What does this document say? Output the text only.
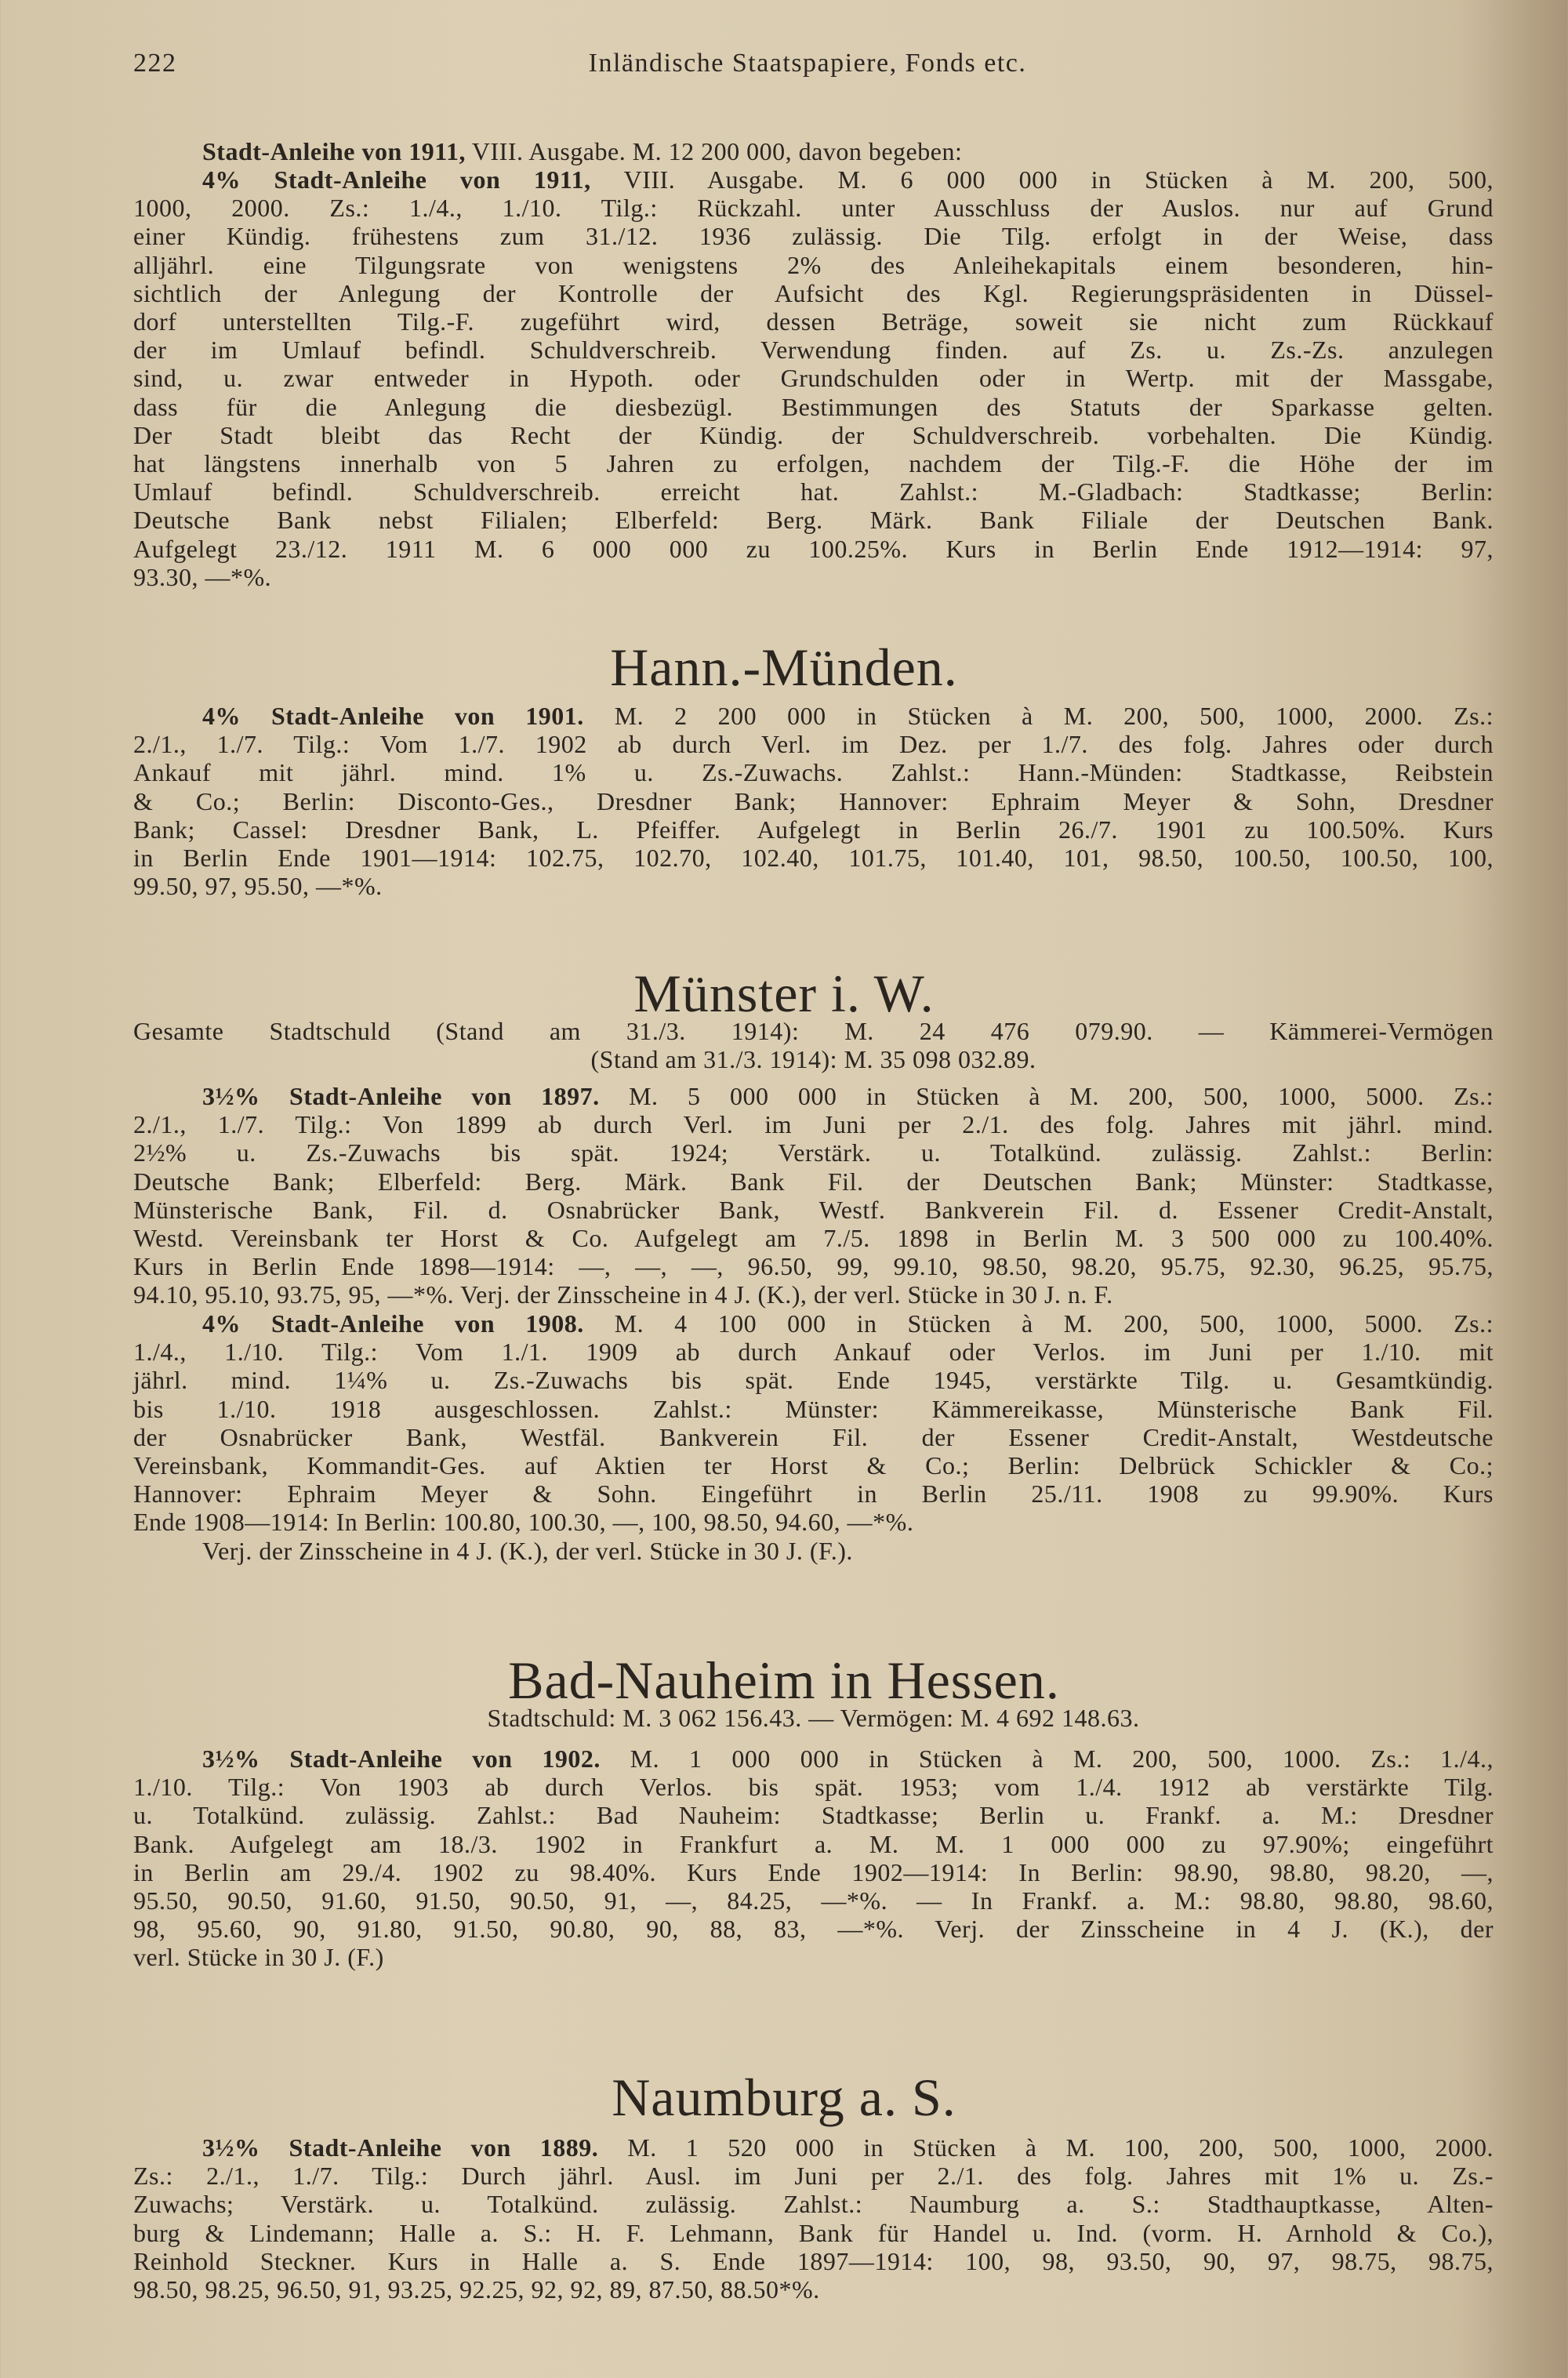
222	Inländische Staatspapiere, Fonds etc.
Stadt-Anleihe von 1911, VIII. Ausgabe. M. 12 200 000, davon begeben:
4% Stadt-Anleihe von 1911, VIII. Ausgabe. M. 6 000 000 in Stücken à M. 200, 500,
1000, 2000. Zs.: 1./4., 1./10. Tilg.: Rückzahl. unter Ausschluss der Auslos. nur auf Grund
einer Kündig. frühestens zum 31./12. 1936 zulässig. Die Tilg. erfolgt in der Weise, dass
alljährl. eine Tilgungsrate von wenigstens 2% des Anleihekapitals einem besonderen, hin-
sichtlich der Anlegung der Kontrolle der Aufsicht des Kgl. Regierungspräsidenten in Düssel-
dorf unterstellten Tilg.-F. zugeführt wird, dessen Beträge, soweit sie nicht zum Rückkauf
der im Umlauf befindl. Schuldverschreib. Verwendung finden. auf Zs. u. Zs.-Zs. anzulegen
sind, u. zwar entweder in Hypoth. oder Grundschulden oder in Wertp. mit der Massgabe,
dass für die Anlegung die diesbezügl. Bestimmungen des Statuts der Sparkasse gelten.
Der Stadt bleibt das Recht der Kündig. der Schuldverschreib. vorbehalten. Die Kündig.
hat längstens innerhalb von 5 Jahren zu erfolgen, nachdem der Tilg.-F. die Höhe der im
Umlauf befindl. Schuldverschreib. erreicht hat. Zahlst.: M.-Gladbach: Stadtkasse; Berlin:
Deutsche Bank nebst Filialen; Elberfeld: Berg. Märk. Bank Filiale der Deutschen Bank.
Aufgelegt 23./12. 1911 M. 6 000 000 zu 100.25%. Kurs in Berlin Ende 1912—1914: 97,
93.30, —*%.
Hann.-Münden.
4% Stadt-Anleihe von 1901. M. 2 200 000 in Stücken à M. 200, 500, 1000, 2000. Zs.:
2./1., 1./7. Tilg.: Vom 1./7. 1902 ab durch Verl. im Dez. per 1./7. des folg. Jahres oder durch
Ankauf mit jährl. mind. 1% u. Zs.-Zuwachs. Zahlst.: Hann.-Münden: Stadtkasse, Reibstein
& Co.; Berlin: Disconto-Ges., Dresdner Bank; Hannover: Ephraim Meyer & Sohn, Dresdner
Bank; Cassel: Dresdner Bank, L. Pfeiffer. Aufgelegt in Berlin 26./7. 1901 zu 100.50%. Kurs
in Berlin Ende 1901—1914: 102.75, 102.70, 102.40, 101.75, 101.40, 101, 98.50, 100.50, 100.50, 100,
99.50, 97, 95.50, —*%.
Münster i. W.
Gesamte Stadtschuld (Stand am 31./3. 1914): M. 24 476 079.90. — Kämmerei-Vermögen
(Stand am 31./3. 1914): M. 35 098 032.89.
3½% Stadt-Anleihe von 1897. M. 5 000 000 in Stücken à M. 200, 500, 1000, 5000. Zs.:
2./1., 1./7. Tilg.: Von 1899 ab durch Verl. im Juni per 2./1. des folg. Jahres mit jährl. mind.
2½% u. Zs.-Zuwachs bis spät. 1924; Verstärk. u. Totalkünd. zulässig. Zahlst.: Berlin:
Deutsche Bank; Elberfeld: Berg. Märk. Bank Fil. der Deutschen Bank; Münster: Stadtkasse,
Münsterische Bank, Fil. d. Osnabrücker Bank, Westf. Bankverein Fil. d. Essener Credit-Anstalt,
Westd. Vereinsbank ter Horst & Co. Aufgelegt am 7./5. 1898 in Berlin M. 3 500 000 zu 100.40%.
Kurs in Berlin Ende 1898—1914: —, —, —, 96.50, 99, 99.10, 98.50, 98.20, 95.75, 92.30, 96.25, 95.75,
94.10, 95.10, 93.75, 95, —*%. Verj. der Zinsscheine in 4 J. (K.), der verl. Stücke in 30 J. n. F.
4% Stadt-Anleihe von 1908. M. 4 100 000 in Stücken à M. 200, 500, 1000, 5000. Zs.:
1./4., 1./10. Tilg.: Vom 1./1. 1909 ab durch Ankauf oder Verlos. im Juni per 1./10. mit
jährl. mind. 1¼% u. Zs.-Zuwachs bis spät. Ende 1945, verstärkte Tilg. u. Gesamtkündig.
bis 1./10. 1918 ausgeschlossen. Zahlst.: Münster: Kämmereikasse, Münsterische Bank Fil.
der Osnabrücker Bank, Westfäl. Bankverein Fil. der Essener Credit-Anstalt, Westdeutsche
Vereinsbank, Kommandit-Ges. auf Aktien ter Horst & Co.; Berlin: Delbrück Schickler & Co.;
Hannover: Ephraim Meyer & Sohn. Eingeführt in Berlin 25./11. 1908 zu 99.90%. Kurs
Ende 1908—1914: In Berlin: 100.80, 100.30, —, 100, 98.50, 94.60, —*%.
Verj. der Zinsscheine in 4 J. (K.), der verl. Stücke in 30 J. (F.).
Bad-Nauheim in Hessen.
Stadtschuld: M. 3 062 156.43. — Vermögen: M. 4 692 148.63.
3½% Stadt-Anleihe von 1902. M. 1 000 000 in Stücken à M. 200, 500, 1000. Zs.: 1./4.,
1./10. Tilg.: Von 1903 ab durch Verlos. bis spät. 1953; vom 1./4. 1912 ab verstärkte Tilg.
u. Totalkünd. zulässig. Zahlst.: Bad Nauheim: Stadtkasse; Berlin u. Frankf. a. M.: Dresdner
Bank. Aufgelegt am 18./3. 1902 in Frankfurt a. M. M. 1 000 000 zu 97.90%; eingeführt
in Berlin am 29./4. 1902 zu 98.40%. Kurs Ende 1902—1914: In Berlin: 98.90, 98.80, 98.20, —,
95.50, 90.50, 91.60, 91.50, 90.50, 91, —, 84.25, —*%. — In Frankf. a. M.: 98.80, 98.80, 98.60,
98, 95.60, 90, 91.80, 91.50, 90.80, 90, 88, 83, —*%. Verj. der Zinsscheine in 4 J. (K.), der
verl. Stücke in 30 J. (F.)
Naumburg a. S.
3½% Stadt-Anleihe von 1889. M. 1 520 000 in Stücken à M. 100, 200, 500, 1000, 2000.
Zs.: 2./1., 1./7. Tilg.: Durch jährl. Ausl. im Juni per 2./1. des folg. Jahres mit 1% u. Zs.-
Zuwachs; Verstärk. u. Totalkünd. zulässig. Zahlst.: Naumburg a. S.: Stadthauptkasse, Alten-
burg & Lindemann; Halle a. S.: H. F. Lehmann, Bank für Handel u. Ind. (vorm. H. Arnhold & Co.),
Reinhold Steckner. Kurs in Halle a. S. Ende 1897—1914: 100, 98, 93.50, 90, 97, 98.75, 98.75,
98.50, 98.25, 96.50, 91, 93.25, 92.25, 92, 92, 89, 87.50, 88.50*%.
